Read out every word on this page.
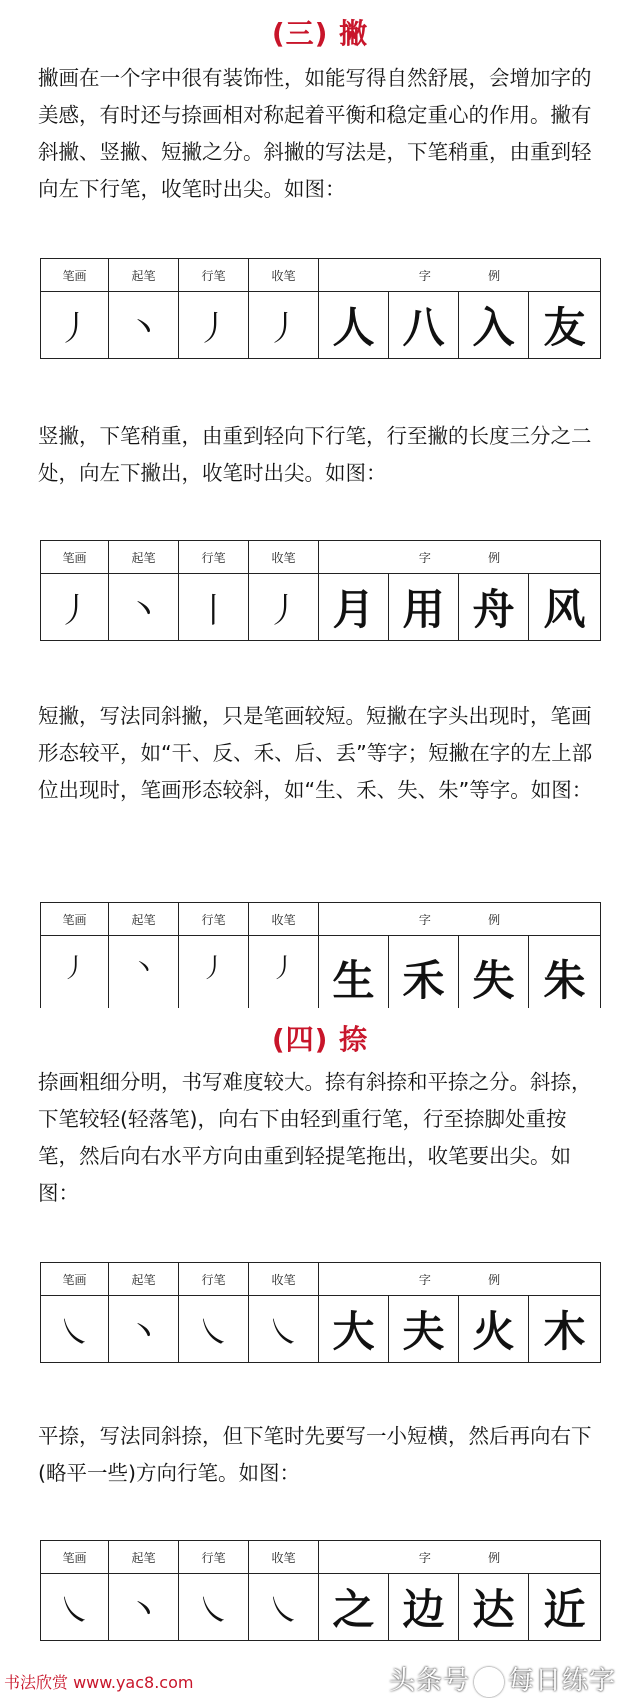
(三) 撇

撇画在一个字中很有装饰性，如能写得自然舒展，会增加字的美感，有时还与捺画相对称起着平衡和稳定重心的作用。撇有斜撇、竖撇、短撇之分。斜撇的写法是，下笔稍重，由重到轻向左下行笔，收笔时出尖。如图：

笔画	起笔	行笔	收笔	字 例			
丿	丶	丿	丿	人	八	入	友

竖撇，下笔稍重，由重到轻向下行笔，行至撇的长度三分之二处，向左下撇出，收笔时出尖。如图：

笔画	起笔	行笔	收笔	字 例			
丿	丶	丨	丿	月	用	舟	风

短撇，写法同斜撇，只是笔画较短。短撇在字头出现时，笔画形态较平，如“干、反、禾、后、丢”等字；短撇在字的左上部位出现时，笔画形态较斜，如“生、禾、失、朱”等字。如图：

笔画	起笔	行笔	收笔	字 例			
丿	丶	丿	丿	生	禾	失	朱
(四) 捺

捺画粗细分明，书写难度较大。捺有斜捺和平捺之分。斜捺，下笔较轻(轻落笔)，向右下由轻到重行笔，行至捺脚处重按笔，然后向右水平方向由重到轻提笔拖出，收笔要出尖。如图：

笔画	起笔	行笔	收笔	字 例			
㇏	丶	㇏	㇏	大	夫	火	木

平捺，写法同斜捺，但下笔时先要写一小短横，然后再向右下(略平一些)方向行笔。如图：

笔画	起笔	行笔	收笔	字 例			
㇏	丶	㇏	㇏	之	边	达	近
书法欣赏 www.yac8.com	头条号 每日练字
